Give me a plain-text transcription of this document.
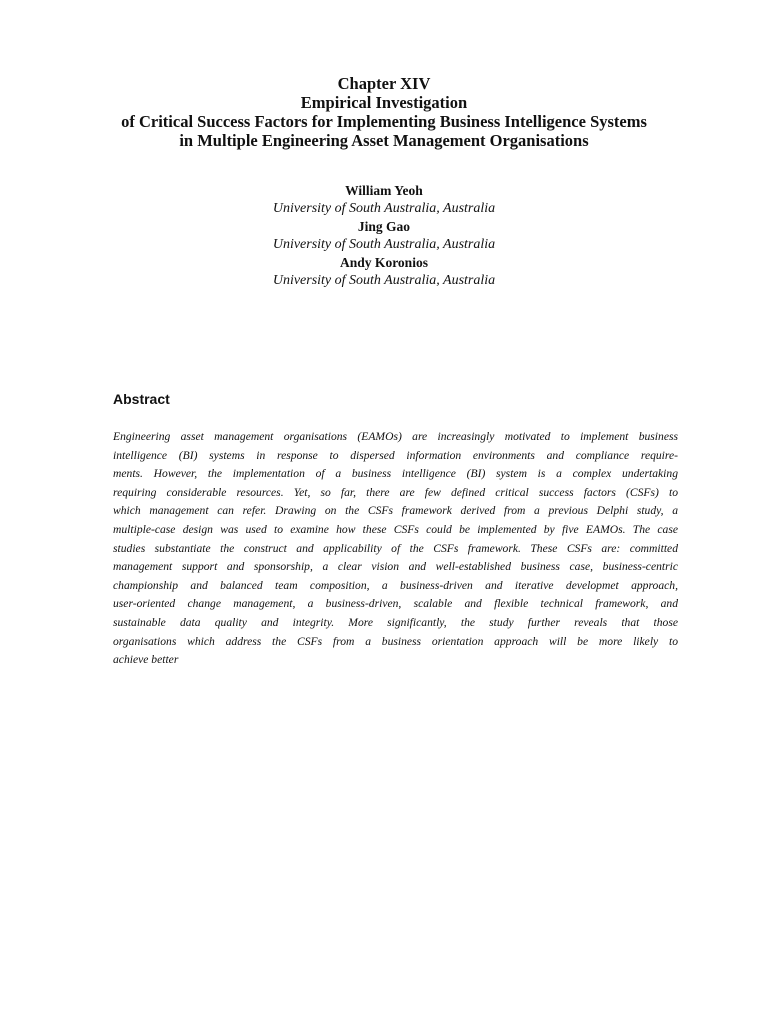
Chapter XIV
Empirical Investigation
of Critical Success Factors for Implementing Business Intelligence Systems
in Multiple Engineering Asset Management Organisations
William Yeoh
University of South Australia, Australia
Jing Gao
University of South Australia, Australia
Andy Koronios
University of South Australia, Australia
Abstract
Engineering asset management organisations (EAMOs) are increasingly motivated to implement business
intelligence (BI) systems in response to dispersed information environments and compliance require-
ments. However, the implementation of a business intelligence (BI) system is a complex undertaking
requiring considerable resources. Yet, so far, there are few defined critical success factors (CSFs) to
which management can refer. Drawing on the CSFs framework derived from a previous Delphi study, a
multiple-case design was used to examine how these CSFs could be implemented by five EAMOs. The case
studies substantiate the construct and applicability of the CSFs framework. These CSFs are: committed
management support and sponsorship, a clear vision and well-established business case, business-centric
championship and balanced team composition, a business-driven and iterative developmet approach,
user-oriented change management, a business-driven, scalable and flexible technical framework, and
sustainable data quality and integrity. More significantly, the study further reveals that those
organisations which address the CSFs from a business orientation approach will be more likely to
achieve better
